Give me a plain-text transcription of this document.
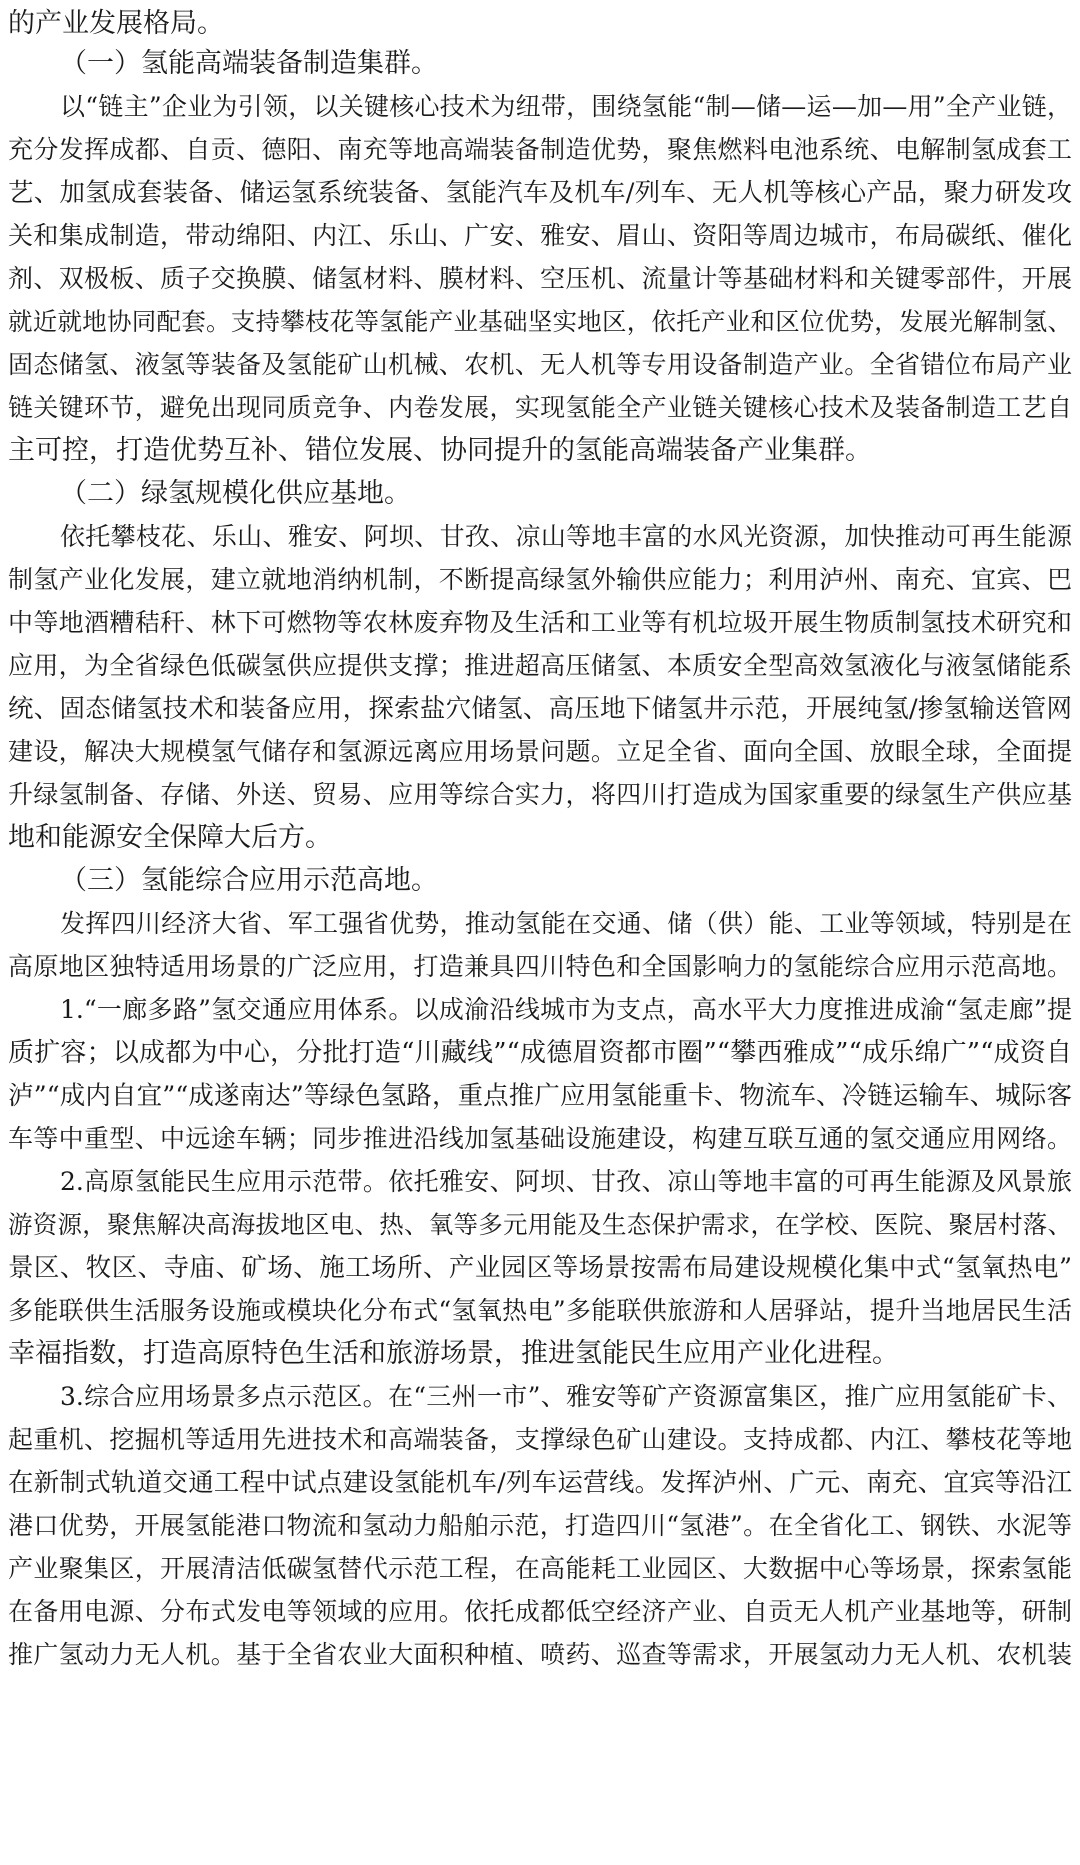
的产业发展格局。
（一）氢能高端装备制造集群。
以“链主”企业为引领，以关键核心技术为纽带，围绕氢能“制—储—运—加—用”全产业链，
充分发挥成都、自贡、德阳、南充等地高端装备制造优势，聚焦燃料电池系统、电解制氢成套工
艺、加氢成套装备、储运氢系统装备、氢能汽车及机车/列车、无人机等核心产品，聚力研发攻
关和集成制造，带动绵阳、内江、乐山、广安、雅安、眉山、资阳等周边城市，布局碳纸、催化
剂、双极板、质子交换膜、储氢材料、膜材料、空压机、流量计等基础材料和关键零部件，开展
就近就地协同配套。支持攀枝花等氢能产业基础坚实地区，依托产业和区位优势，发展光解制氢、
固态储氢、液氢等装备及氢能矿山机械、农机、无人机等专用设备制造产业。全省错位布局产业
链关键环节，避免出现同质竞争、内卷发展，实现氢能全产业链关键核心技术及装备制造工艺自
主可控，打造优势互补、错位发展、协同提升的氢能高端装备产业集群。
（二）绿氢规模化供应基地。
依托攀枝花、乐山、雅安、阿坝、甘孜、凉山等地丰富的水风光资源，加快推动可再生能源
制氢产业化发展，建立就地消纳机制，不断提高绿氢外输供应能力；利用泸州、南充、宜宾、巴
中等地酒糟秸秆、林下可燃物等农林废弃物及生活和工业等有机垃圾开展生物质制氢技术研究和
应用，为全省绿色低碳氢供应提供支撑；推进超高压储氢、本质安全型高效氢液化与液氢储能系
统、固态储氢技术和装备应用，探索盐穴储氢、高压地下储氢井示范，开展纯氢/掺氢输送管网
建设，解决大规模氢气储存和氢源远离应用场景问题。立足全省、面向全国、放眼全球，全面提
升绿氢制备、存储、外送、贸易、应用等综合实力，将四川打造成为国家重要的绿氢生产供应基
地和能源安全保障大后方。
（三）氢能综合应用示范高地。
发挥四川经济大省、军工强省优势，推动氢能在交通、储（供）能、工业等领域，特别是在
高原地区独特适用场景的广泛应用，打造兼具四川特色和全国影响力的氢能综合应用示范高地。
1.“一廊多路”氢交通应用体系。以成渝沿线城市为支点，高水平大力度推进成渝“氢走廊”提
质扩容；以成都为中心，分批打造“川藏线”“成德眉资都市圈”“攀西雅成”“成乐绵广”“成资自
泸”“成内自宜”“成遂南达”等绿色氢路，重点推广应用氢能重卡、物流车、冷链运输车、城际客
车等中重型、中远途车辆；同步推进沿线加氢基础设施建设，构建互联互通的氢交通应用网络。
2.高原氢能民生应用示范带。依托雅安、阿坝、甘孜、凉山等地丰富的可再生能源及风景旅
游资源，聚焦解决高海拔地区电、热、氧等多元用能及生态保护需求，在学校、医院、聚居村落、
景区、牧区、寺庙、矿场、施工场所、产业园区等场景按需布局建设规模化集中式“氢氧热电”
多能联供生活服务设施或模块化分布式“氢氧热电”多能联供旅游和人居驿站，提升当地居民生活
幸福指数，打造高原特色生活和旅游场景，推进氢能民生应用产业化进程。
3.综合应用场景多点示范区。在“三州一市”、雅安等矿产资源富集区，推广应用氢能矿卡、
起重机、挖掘机等适用先进技术和高端装备，支撑绿色矿山建设。支持成都、内江、攀枝花等地
在新制式轨道交通工程中试点建设氢能机车/列车运营线。发挥泸州、广元、南充、宜宾等沿江
港口优势，开展氢能港口物流和氢动力船舶示范，打造四川“氢港”。在全省化工、钢铁、水泥等
产业聚集区，开展清洁低碳氢替代示范工程，在高能耗工业园区、大数据中心等场景，探索氢能
在备用电源、分布式发电等领域的应用。依托成都低空经济产业、自贡无人机产业基地等，研制
推广氢动力无人机。基于全省农业大面积种植、喷药、巡查等需求，开展氢动力无人机、农机装
